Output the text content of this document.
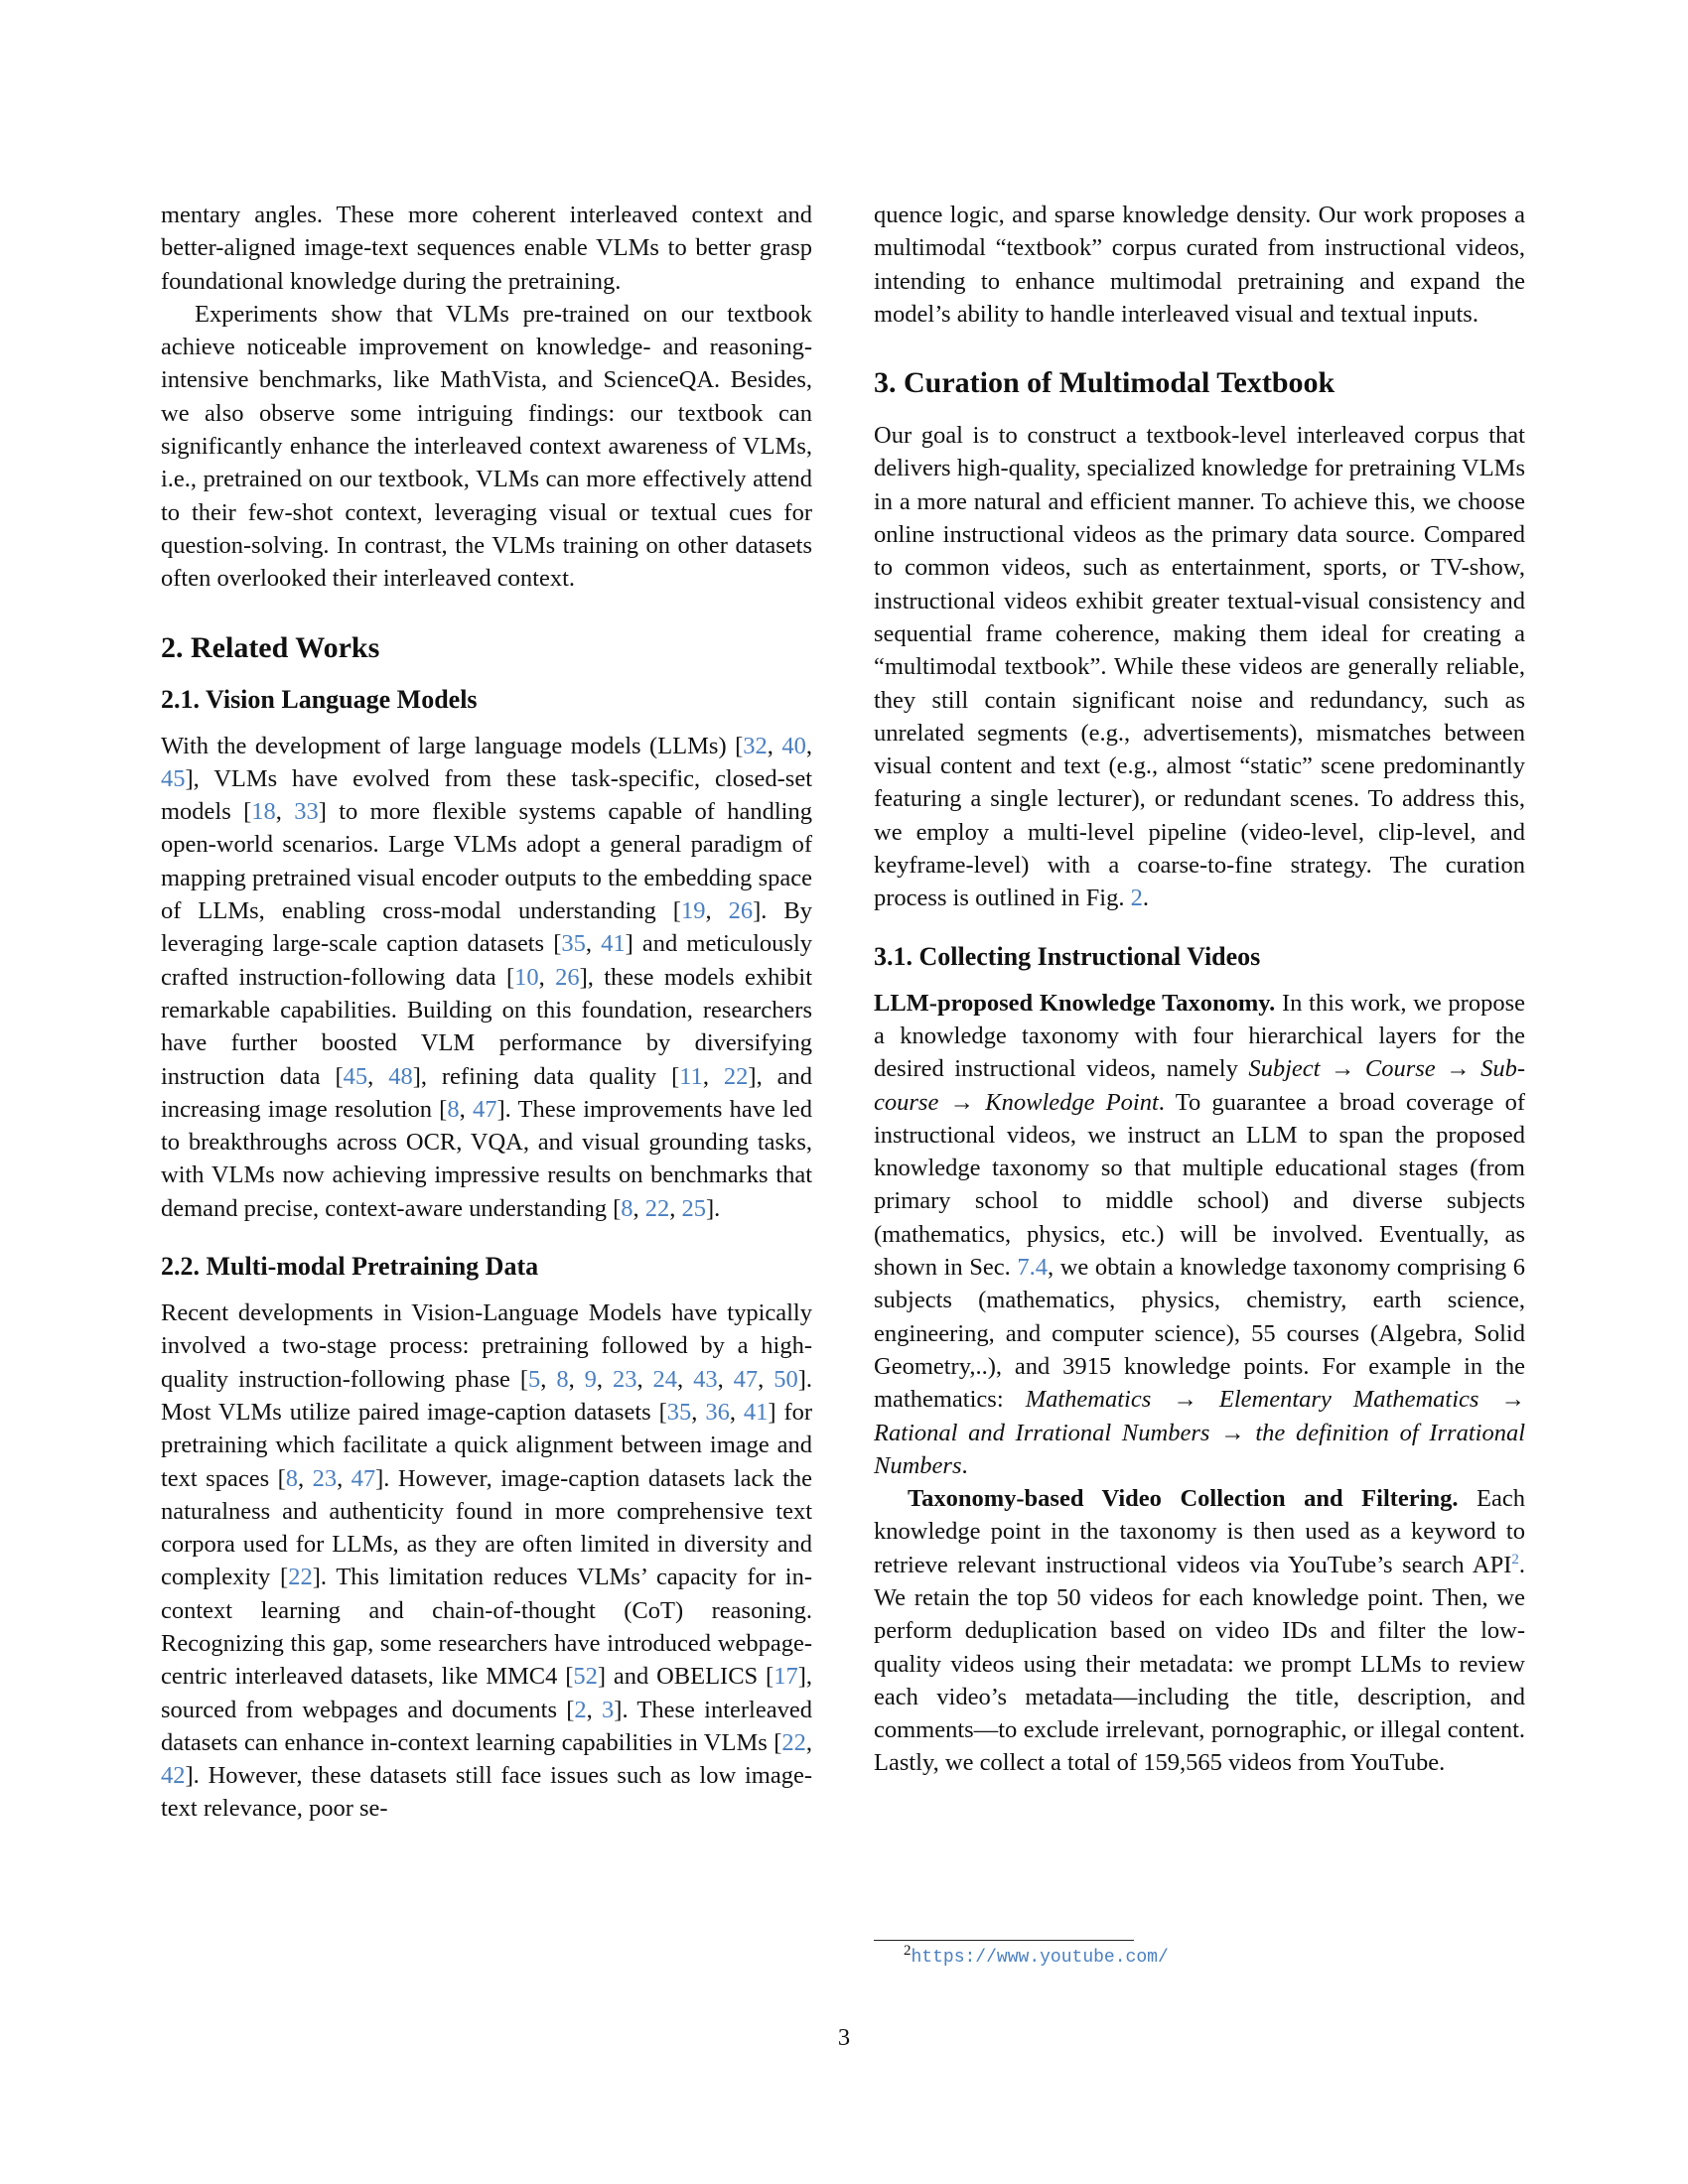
mentary angles. These more coherent interleaved context and better-aligned image-text sequences enable VLMs to better grasp foundational knowledge during the pretraining.

Experiments show that VLMs pre-trained on our textbook achieve noticeable improvement on knowledge- and reasoning-intensive benchmarks, like MathVista, and ScienceQA. Besides, we also observe some intriguing findings: our textbook can significantly enhance the interleaved context awareness of VLMs, i.e., pretrained on our textbook, VLMs can more effectively attend to their few-shot context, leveraging visual or textual cues for question-solving. In contrast, the VLMs training on other datasets often overlooked their interleaved context.

2. Related Works
2.1. Vision Language Models

With the development of large language models (LLMs) [32, 40, 45], VLMs have evolved from these task-specific, closed-set models [18, 33] to more flexible systems capable of handling open-world scenarios. Large VLMs adopt a general paradigm of mapping pretrained visual encoder outputs to the embedding space of LLMs, enabling cross-modal understanding [19, 26]. By leveraging large-scale caption datasets [35, 41] and meticulously crafted instruction-following data [10, 26], these models exhibit remarkable capabilities. Building on this foundation, researchers have further boosted VLM performance by diversifying instruction data [45, 48], refining data quality [11, 22], and increasing image resolution [8, 47]. These improvements have led to breakthroughs across OCR, VQA, and visual grounding tasks, with VLMs now achieving impressive results on benchmarks that demand precise, context-aware understanding [8, 22, 25].

2.2. Multi-modal Pretraining Data

Recent developments in Vision-Language Models have typically involved a two-stage process: pretraining followed by a high-quality instruction-following phase [5, 8, 9, 23, 24, 43, 47, 50]. Most VLMs utilize paired image-caption datasets [35, 36, 41] for pretraining which facilitate a quick alignment between image and text spaces [8, 23, 47]. However, image-caption datasets lack the naturalness and authenticity found in more comprehensive text corpora used for LLMs, as they are often limited in diversity and complexity [22]. This limitation reduces VLMs’ capacity for in-context learning and chain-of-thought (CoT) reasoning. Recognizing this gap, some researchers have introduced webpage-centric interleaved datasets, like MMC4 [52] and OBELICS [17], sourced from webpages and documents [2, 3]. These interleaved datasets can enhance in-context learning capabilities in VLMs [22, 42]. However, these datasets still face issues such as low image-text relevance, poor se-

quence logic, and sparse knowledge density. Our work proposes a multimodal “textbook” corpus curated from instructional videos, intending to enhance multimodal pretraining and expand the model’s ability to handle interleaved visual and textual inputs.

3. Curation of Multimodal Textbook

Our goal is to construct a textbook-level interleaved corpus that delivers high-quality, specialized knowledge for pretraining VLMs in a more natural and efficient manner. To achieve this, we choose online instructional videos as the primary data source. Compared to common videos, such as entertainment, sports, or TV-show, instructional videos exhibit greater textual-visual consistency and sequential frame coherence, making them ideal for creating a “multimodal textbook”. While these videos are generally reliable, they still contain significant noise and redundancy, such as unrelated segments (e.g., advertisements), mismatches between visual content and text (e.g., almost “static” scene predominantly featuring a single lecturer), or redundant scenes. To address this, we employ a multi-level pipeline (video-level, clip-level, and keyframe-level) with a coarse-to-fine strategy. The curation process is outlined in Fig. 2.

3.1. Collecting Instructional Videos

LLM-proposed Knowledge Taxonomy. In this work, we propose a knowledge taxonomy with four hierarchical layers for the desired instructional videos, namely Subject → Course → Sub-course → Knowledge Point. To guarantee a broad coverage of instructional videos, we instruct an LLM to span the proposed knowledge taxonomy so that multiple educational stages (from primary school to middle school) and diverse subjects (mathematics, physics, etc.) will be involved. Eventually, as shown in Sec. 7.4, we obtain a knowledge taxonomy comprising 6 subjects (mathematics, physics, chemistry, earth science, engineering, and computer science), 55 courses (Algebra, Solid Geometry,..), and 3915 knowledge points. For example in the mathematics: Mathematics → Elementary Mathematics → Rational and Irrational Numbers → the definition of Irrational Numbers.

Taxonomy-based Video Collection and Filtering. Each knowledge point in the taxonomy is then used as a keyword to retrieve relevant instructional videos via YouTube’s search API$^2$. We retain the top 50 videos for each knowledge point. Then, we perform deduplication based on video IDs and filter the low-quality videos using their metadata: we prompt LLMs to review each video’s metadata—including the title, description, and comments—to exclude irrelevant, pornographic, or illegal content. Lastly, we collect a total of 159,565 videos from YouTube.

$^2$https://www.youtube.com/
3
